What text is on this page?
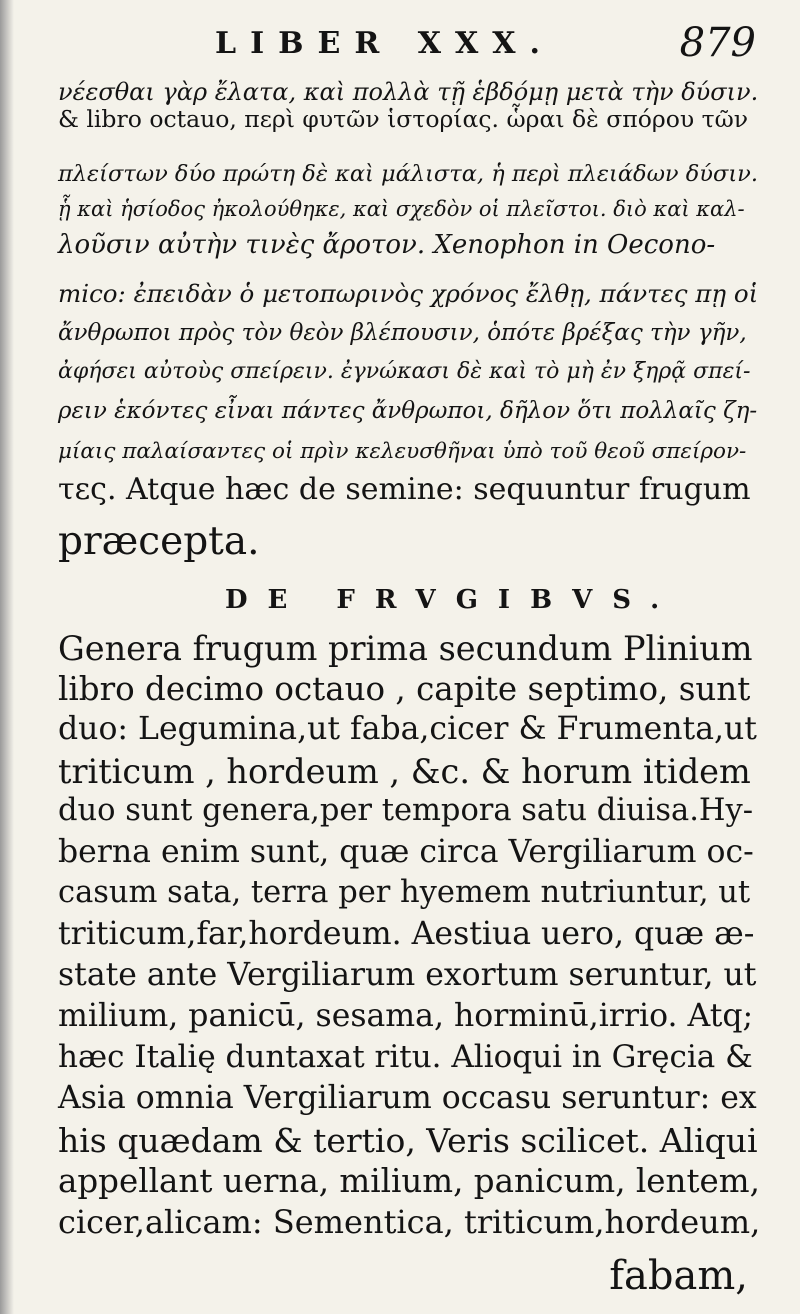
LIBER XXX.	879
νέεσθαι γὰρ ἔλατα, καὶ πολλὰ τῇ ἑβδόμῃ μετὰ τὴν δύσιν.
& libro octauo, περὶ φυτῶν ἱστορίας. ὧραι δὲ σπόρου τῶν
πλείστων δύο πρώτη δὲ καὶ μάλιστα, ἡ περὶ πλειάδων δύσιν.
ᾗ καὶ ἡσίοδος ἠκολούθηκε, καὶ σχεδὸν οἱ πλεῖστοι. διὸ καὶ καλ-
λοῦσιν αὐτὴν τινὲς ἄροτον. Xenophon in Oecono-
mico: ἐπειδὰν ὁ μετοπωρινὸς χρόνος ἔλθῃ, πάντες πῃ οἱ
ἄνθρωποι πρὸς τὸν θεὸν βλέπουσιν, ὁπότε βρέξας τὴν γῆν,
ἀφήσει αὐτοὺς σπείρειν. ἐγνώκασι δὲ καὶ τὸ μὴ ἐν ξηρᾷ σπεί-
ρειν ἑκόντες εἶναι πάντες ἄνθρωποι, δῆλον ὅτι πολλαῖς ζη-
μίαις παλαίσαντες οἱ πρὶν κελευσθῆναι ὑπὸ τοῦ θεοῦ σπείρον-
τες. Atque hæc de semine: sequuntur frugum
præcepta.
DE FRVGIBVS.
Genera frugum prima secundum Plinium
libro decimo octauo , capite septimo, sunt
duo: Legumina,ut faba,cicer & Frumenta,ut
triticum , hordeum , &c. & horum itidem
duo sunt genera,per tempora satu diuisa.Hy-
berna enim sunt, quæ circa Vergiliarum oc-
casum sata, terra per hyemem nutriuntur, ut
triticum,far,hordeum. Aestiua uero, quæ æ-
state ante Vergiliarum exortum seruntur, ut
milium, panicū, sesama, horminū,irrio. Atq;
hæc Italię duntaxat ritu. Alioqui in Gręcia &
Asia omnia Vergiliarum occasu seruntur: ex
his quædam & tertio, Veris scilicet. Aliqui
appellant uerna, milium, panicum, lentem,
cicer,alicam: Sementica, triticum,hordeum,
fabam,
